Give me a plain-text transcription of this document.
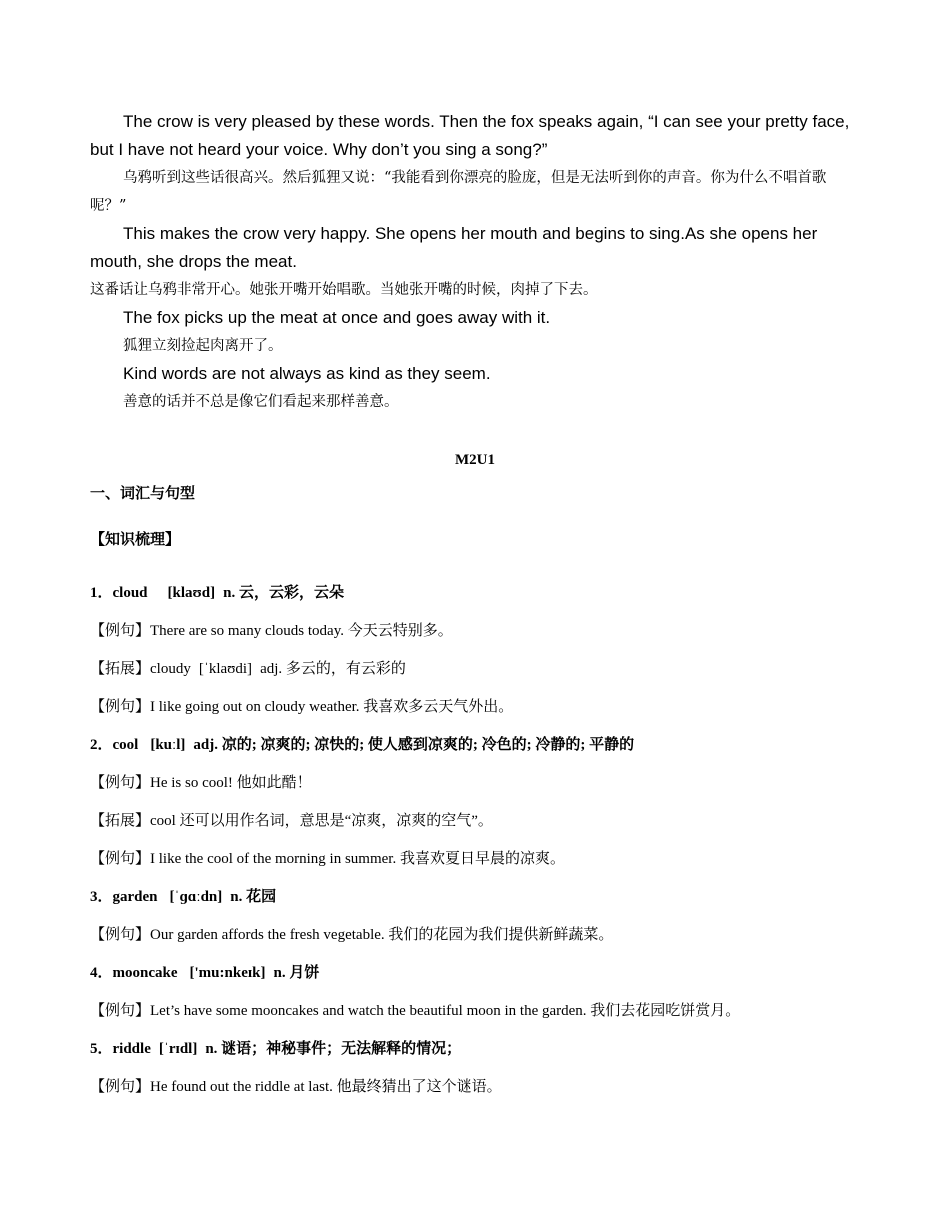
The crow is very pleased by these words. Then the fox speaks again, “I can see your pretty face, but I have not heard your voice. Why don’t you sing a song?”

乌鸦听到这些话很高兴。然后狐狸又说：“我能看到你漂亮的脸庞，但是无法听到你的声音。你为什么不唱首歌呢？”

This makes the crow very happy. She opens her mouth and begins to sing.As she opens her mouth, she drops the meat.

这番话让乌鸦非常开心。她张开嘴开始唱歌。当她张开嘴的时候，肉掉了下去。

The fox picks up the meat at once and goes away with it.

狐狸立刻捡起肉离开了。

Kind words are not always as kind as they seem.

善意的话并不总是像它们看起来那样善意。

M2U1
一、词汇与句型
【知识梳理】
1．cloud [klaʊd] n. 云，云彩，云朵
【例句】There are so many clouds today. 今天云特别多。
【拓展】cloudy [ˈklaʊdi] adj. 多云的，有云彩的
【例句】I like going out on cloudy weather. 我喜欢多云天气外出。
2．cool [kuːl] adj. 凉的; 凉爽的; 凉快的; 使人感到凉爽的; 冷色的; 冷静的; 平静的
【例句】He is so cool! 他如此酷！
【拓展】cool 还可以用作名词，意思是“凉爽，凉爽的空气”。
【例句】I like the cool of the morning in summer. 我喜欢夏日早晨的凉爽。
3．garden [ˈɡɑːdn] n. 花园
【例句】Our garden affords the fresh vegetable. 我们的花园为我们提供新鲜蔬菜。
4．mooncake ['mu:nkeɪk] n. 月饼
【例句】Let’s have some mooncakes and watch the beautiful moon in the garden. 我们去花园吃饼赏月。
5．riddle [ˈrɪdl] n. 谜语；神秘事件；无法解释的情况；
【例句】He found out the riddle at last. 他最终猜出了这个谜语。
